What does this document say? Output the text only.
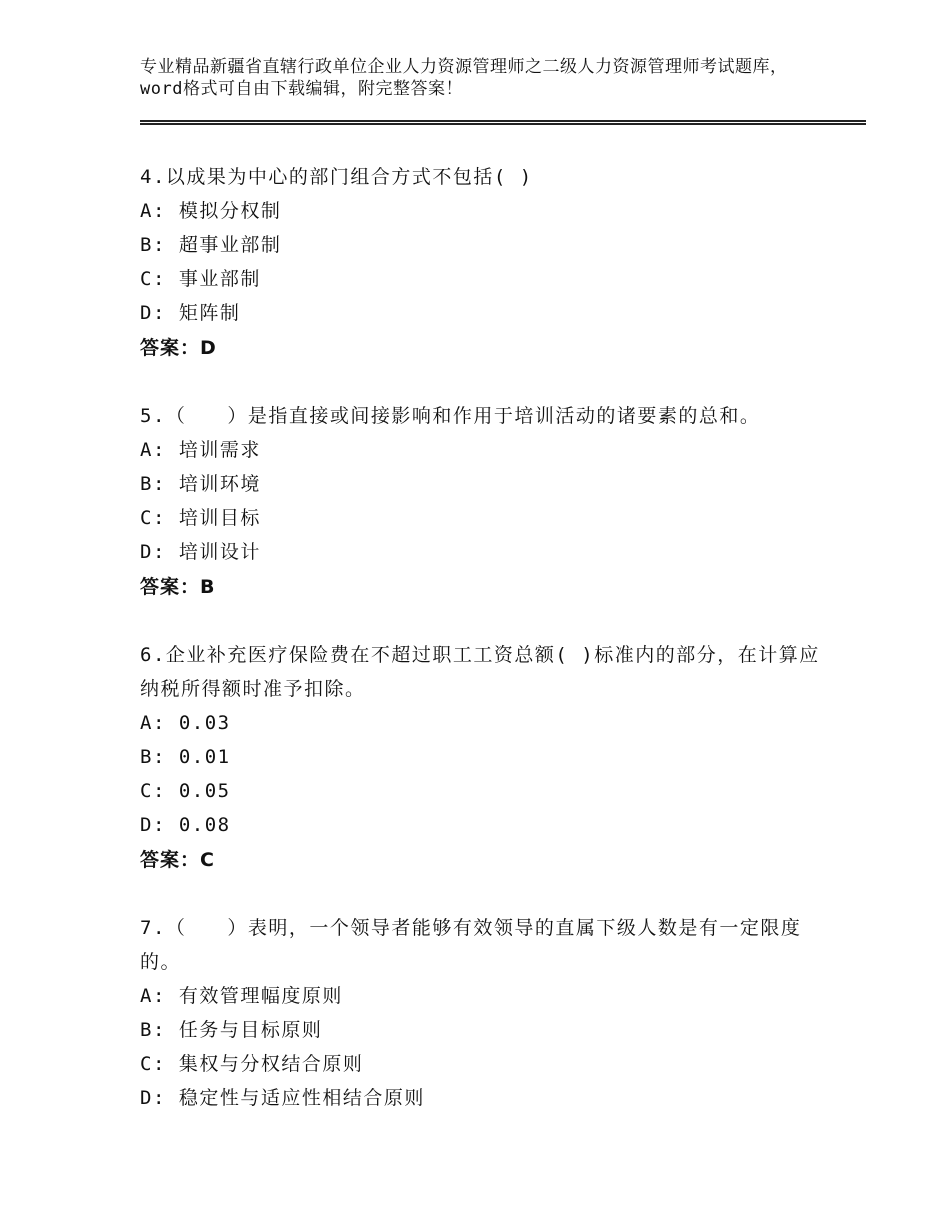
专业精品新疆省直辖行政单位企业人力资源管理师之二级人力资源管理师考试题库，word格式可自由下载编辑，附完整答案！
4.以成果为中心的部门组合方式不包括( )
A: 模拟分权制
B: 超事业部制
C: 事业部制
D: 矩阵制
答案：D
5.（　　）是指直接或间接影响和作用于培训活动的诸要素的总和。
A: 培训需求
B: 培训环境
C: 培训目标
D: 培训设计
答案：B
6.企业补充医疗保险费在不超过职工工资总额( )标准内的部分，在计算应纳税所得额时准予扣除。
A: 0.03
B: 0.01
C: 0.05
D: 0.08
答案：C
7.（　　）表明，一个领导者能够有效领导的直属下级人数是有一定限度的。
A: 有效管理幅度原则
B: 任务与目标原则
C: 集权与分权结合原则
D: 稳定性与适应性相结合原则
